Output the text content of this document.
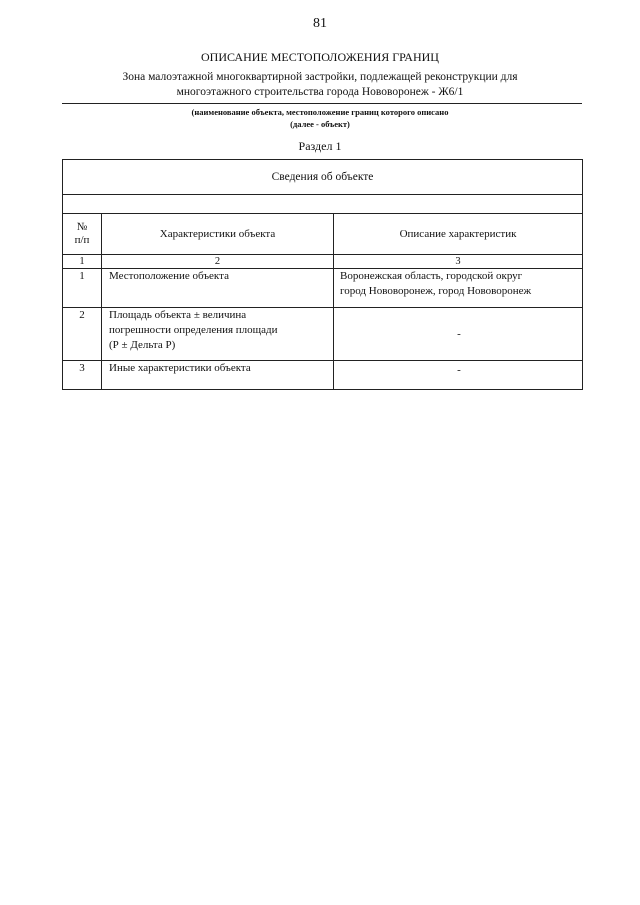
81
ОПИСАНИЕ МЕСТОПОЛОЖЕНИЯ ГРАНИЦ
Зона малоэтажной многоквартирной застройки, подлежащей реконструкции для
многоэтажного строительства города Нововоронеж - Ж6/1
(наименование объекта, местоположение границ которого описано
(далее - объект)
Раздел 1
Сведения об объекте		

№
п/п	Характеристики объекта	Описание характеристик
1	2	3
1	Местоположение объекта	Воронежская область, городской округ
город Нововоронеж, город Нововоронеж

2	Площадь объекта ± величина
погрешности определения площади
(Р ± Дельта Р)	-
3	Иные характеристики объекта	-
